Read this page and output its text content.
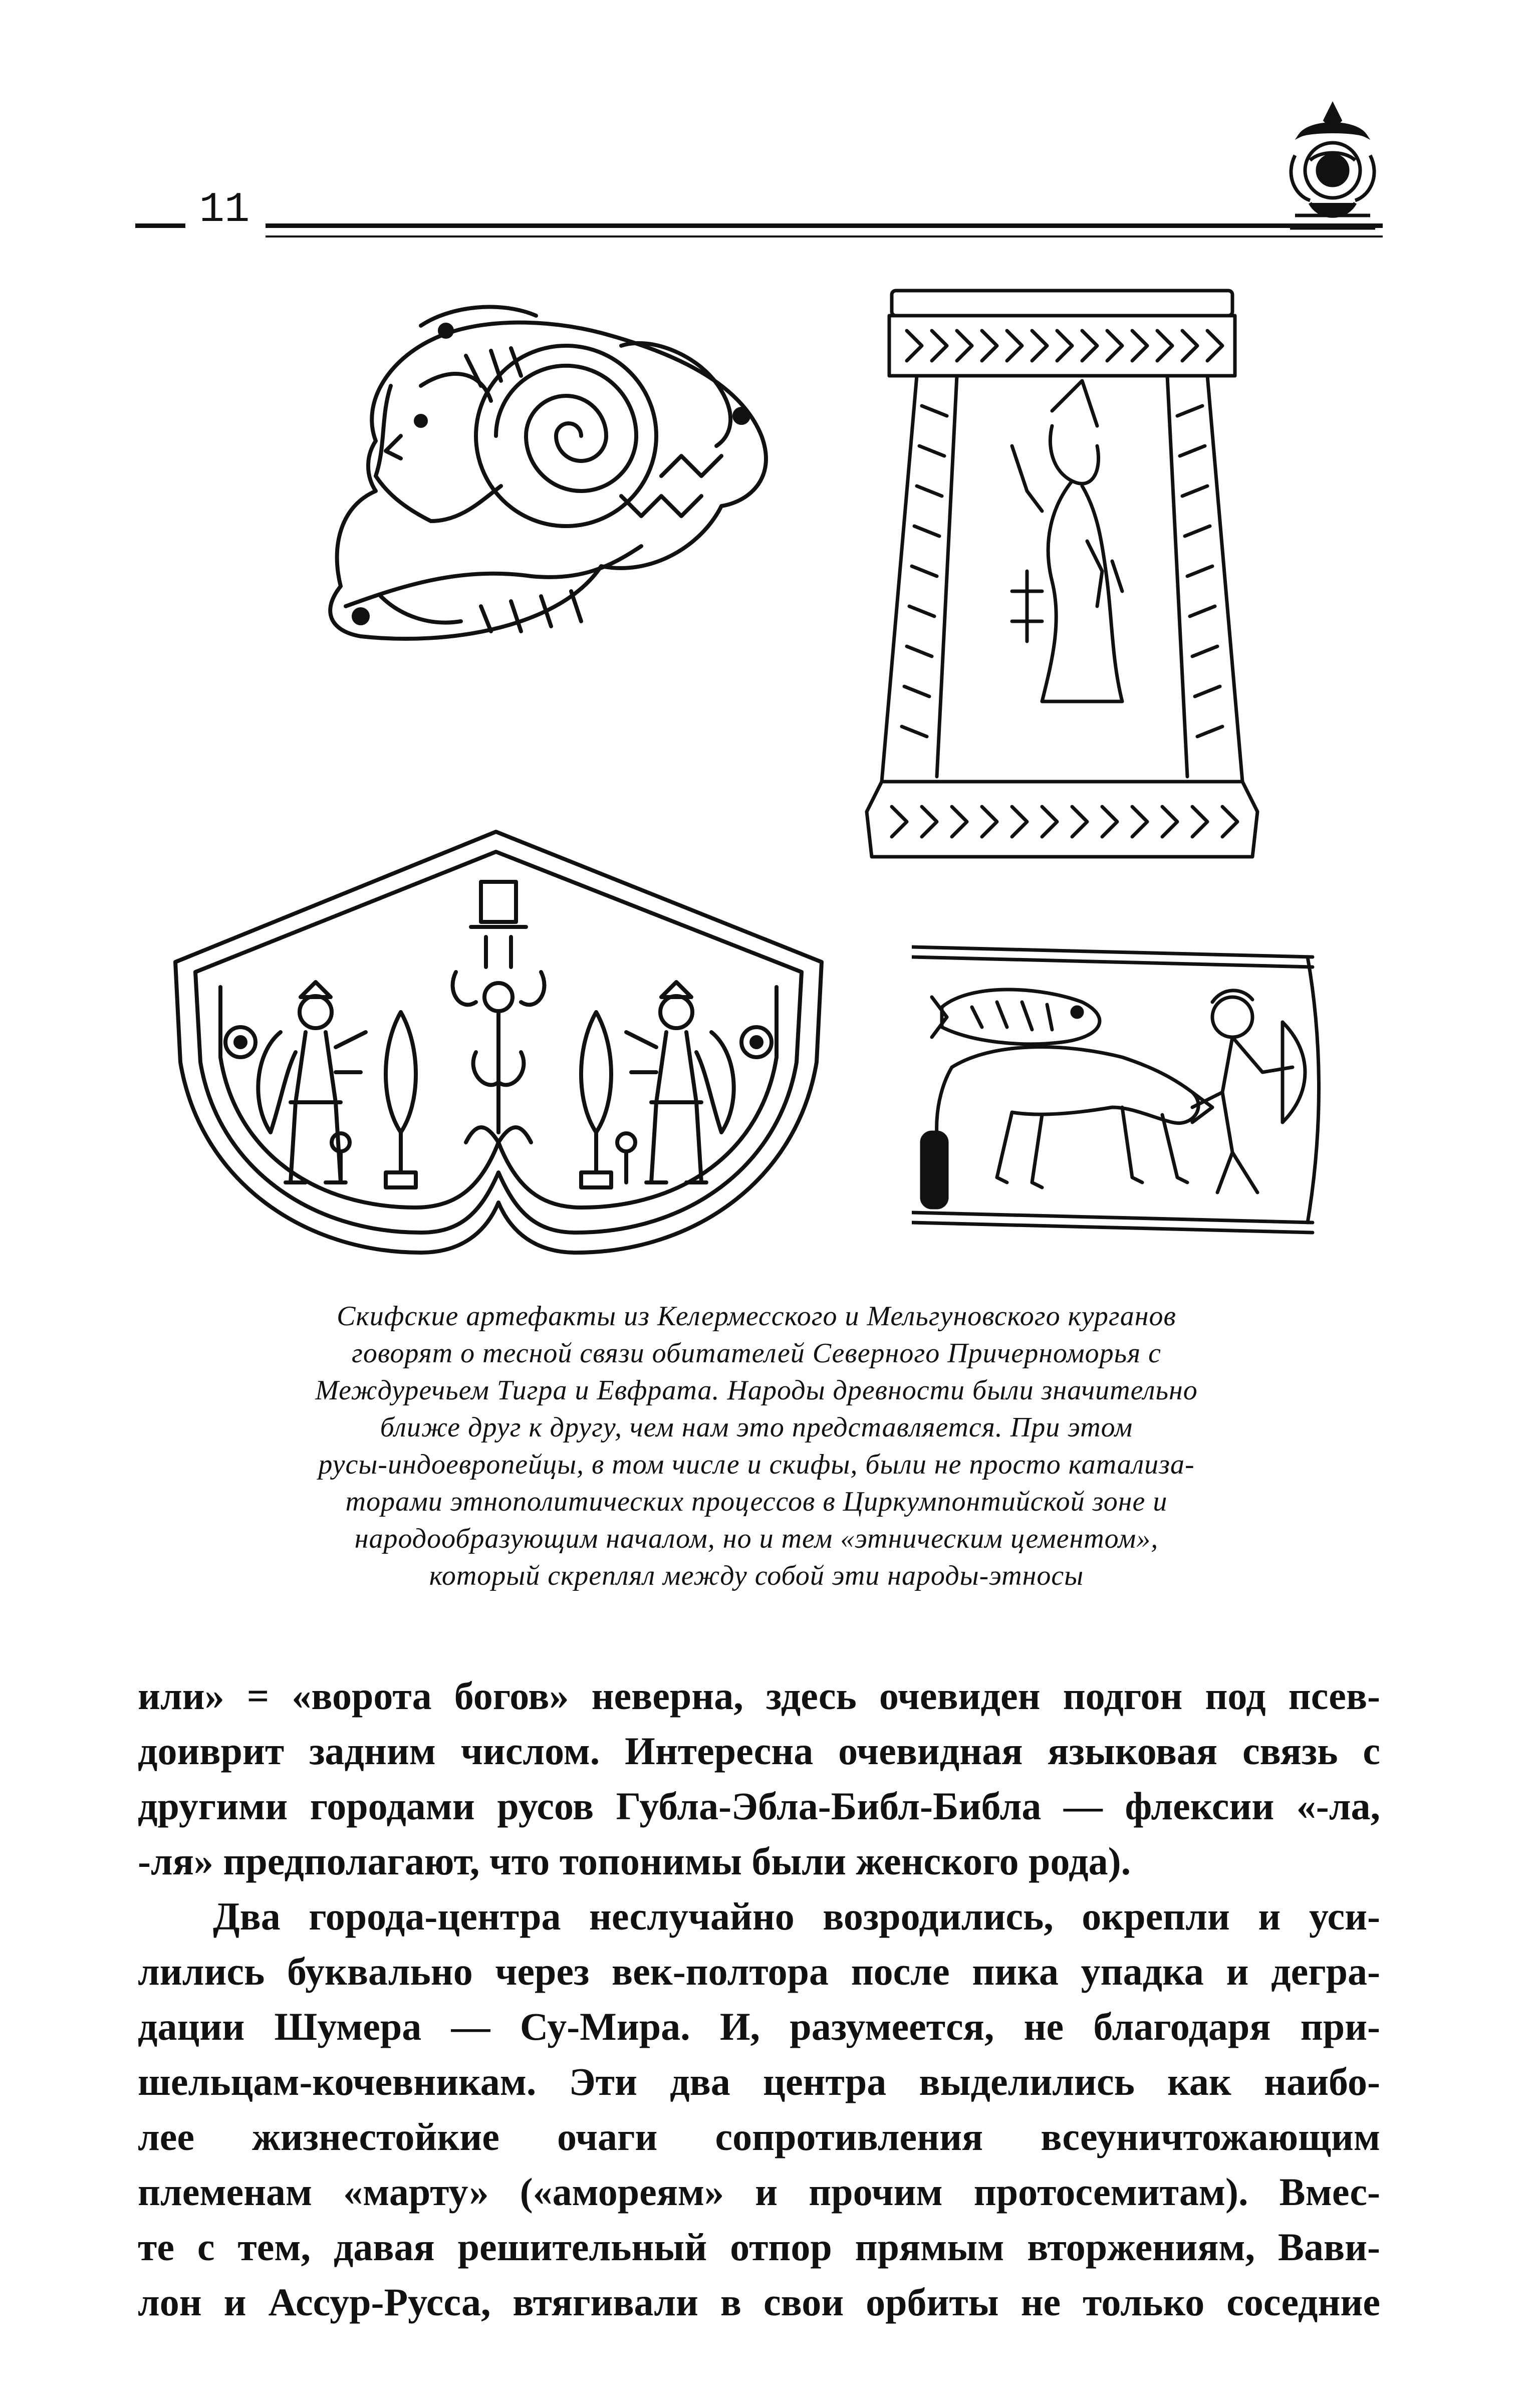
11
Скифские артефакты из Келермесского и Мельгуновского курганов
говорят о тесной связи обитателей Северного Причерноморья с
Междуречьем Тигра и Евфрата. Народы древности были значительно
ближе друг к другу, чем нам это представляется. При этом
русы-индоевропейцы, в том числе и скифы, были не просто катализа-
торами этнополитических процессов в Циркумпонтийской зоне и
народообразующим началом, но и тем «этническим цементом»,
который скреплял между собой эти народы-этносы
или» = «ворота богов» неверна, здесь очевиден подгон под псев-
доиврит задним числом. Интересна очевидная языковая связь с
другими городами русов Губла-Эбла-Библ-Библа — флексии «-ла,
-ля» предполагают, что топонимы были женского рода).
Два города-центра неслучайно возродились, окрепли и уси-
лились буквально через век-полтора после пика упадка и дегра-
дации Шумера — Су-Мира. И, разумеется, не благодаря при-
шельцам-кочевникам. Эти два центра выделились как наибо-
лее жизнестойкие очаги сопротивления всеуничтожающим
племенам «марту» («амореям» и прочим протосемитам). Вмес-
те с тем, давая решительный отпор прямым вторжениям, Вави-
лон и Ассур-Русса, втягивали в свои орбиты не только соседние
